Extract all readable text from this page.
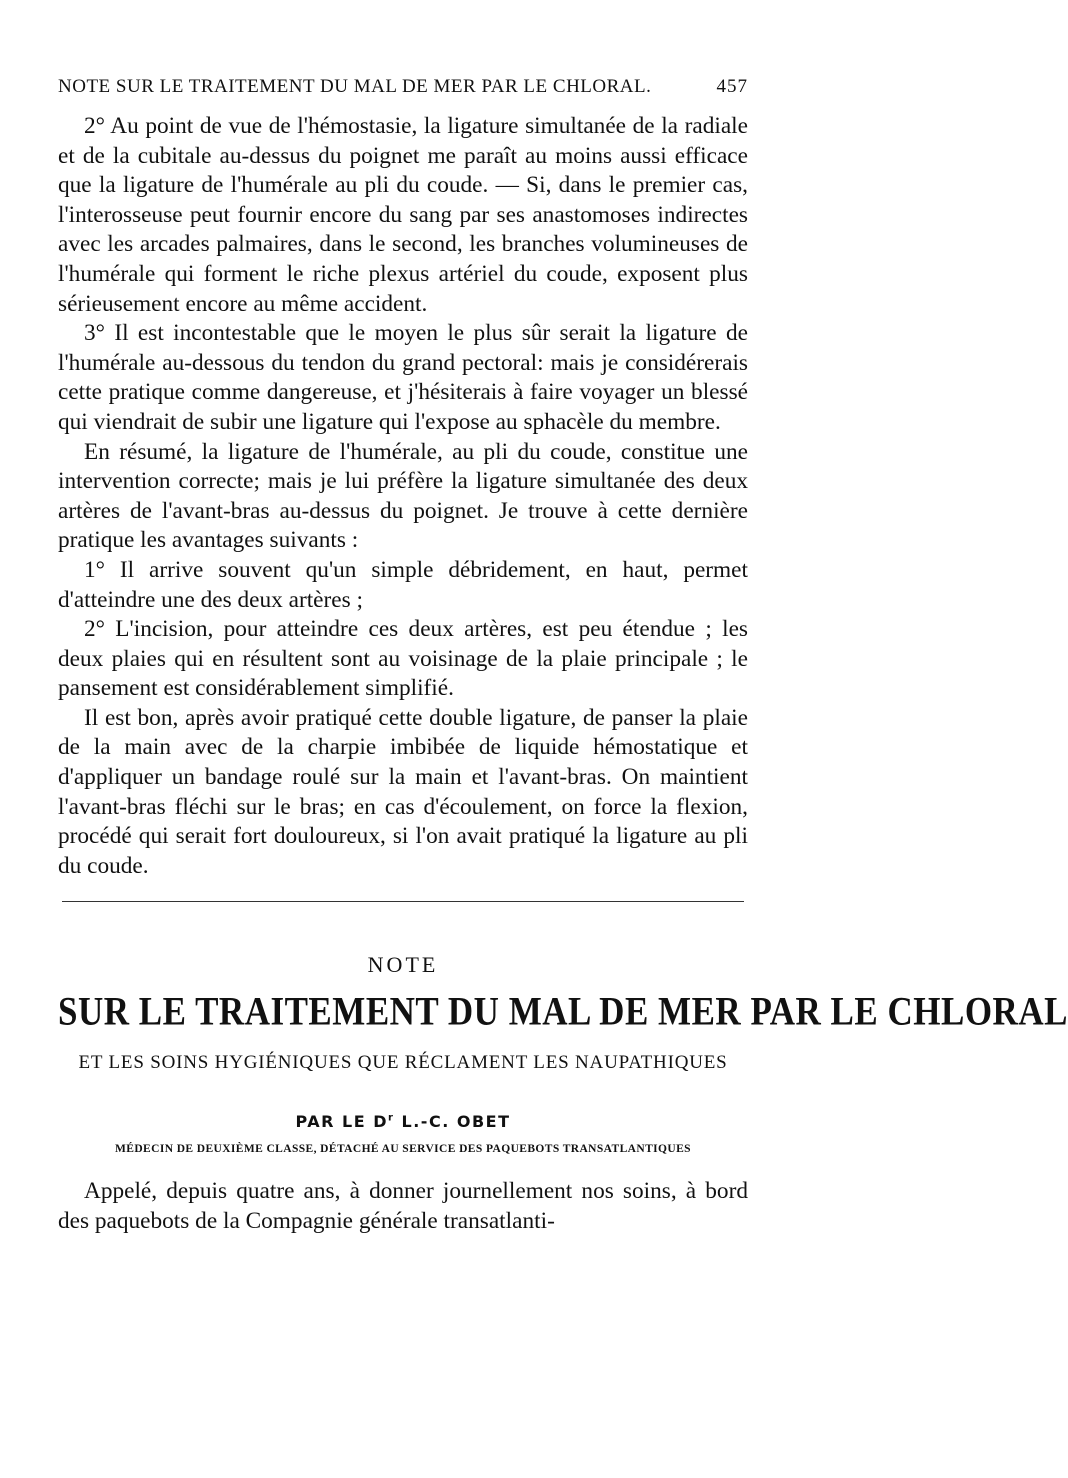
NOTE SUR LE TRAITEMENT DU MAL DE MER PAR LE CHLORAL.	457

2° Au point de vue de l'hémostasie, la ligature simultanée de la radiale et de la cubitale au-dessus du poignet me paraît au moins aussi efficace que la ligature de l'humérale au pli du coude. — Si, dans le premier cas, l'interosseuse peut fournir encore du sang par ses anastomoses indirectes avec les arcades palmaires, dans le second, les branches volumineuses de l'humérale qui forment le riche plexus artériel du coude, exposent plus sérieusement encore au même accident.

3° Il est incontestable que le moyen le plus sûr serait la ligature de l'humérale au-dessous du tendon du grand pectoral: mais je considérerais cette pratique comme dangereuse, et j'hésiterais à faire voyager un blessé qui viendrait de subir une ligature qui l'expose au sphacèle du membre.

En résumé, la ligature de l'humérale, au pli du coude, constitue une intervention correcte; mais je lui préfère la ligature simultanée des deux artères de l'avant-bras au-dessus du poignet. Je trouve à cette dernière pratique les avantages suivants :

1° Il arrive souvent qu'un simple débridement, en haut, permet d'atteindre une des deux artères ;

2° L'incision, pour atteindre ces deux artères, est peu étendue ; les deux plaies qui en résultent sont au voisinage de la plaie principale ; le pansement est considérablement simplifié.

Il est bon, après avoir pratiqué cette double ligature, de panser la plaie de la main avec de la charpie imbibée de liquide hémostatique et d'appliquer un bandage roulé sur la main et l'avant-bras. On maintient l'avant-bras fléchi sur le bras; en cas d'écoulement, on force la flexion, procédé qui serait fort douloureux, si l'on avait pratiqué la ligature au pli du coude.

NOTE
SUR LE TRAITEMENT DU MAL DE MER PAR LE CHLORAL
ET LES SOINS HYGIÉNIQUES QUE RÉCLAMENT LES NAUPATHIQUES
PAR LE $D^r$ L.-C. OBET
MÉDECIN DE DEUXIÈME CLASSE, DÉTACHÉ AU SERVICE DES PAQUEBOTS TRANSATLANTIQUES

Appelé, depuis quatre ans, à donner journellement nos soins, à bord des paquebots de la Compagnie générale transatlanti-
